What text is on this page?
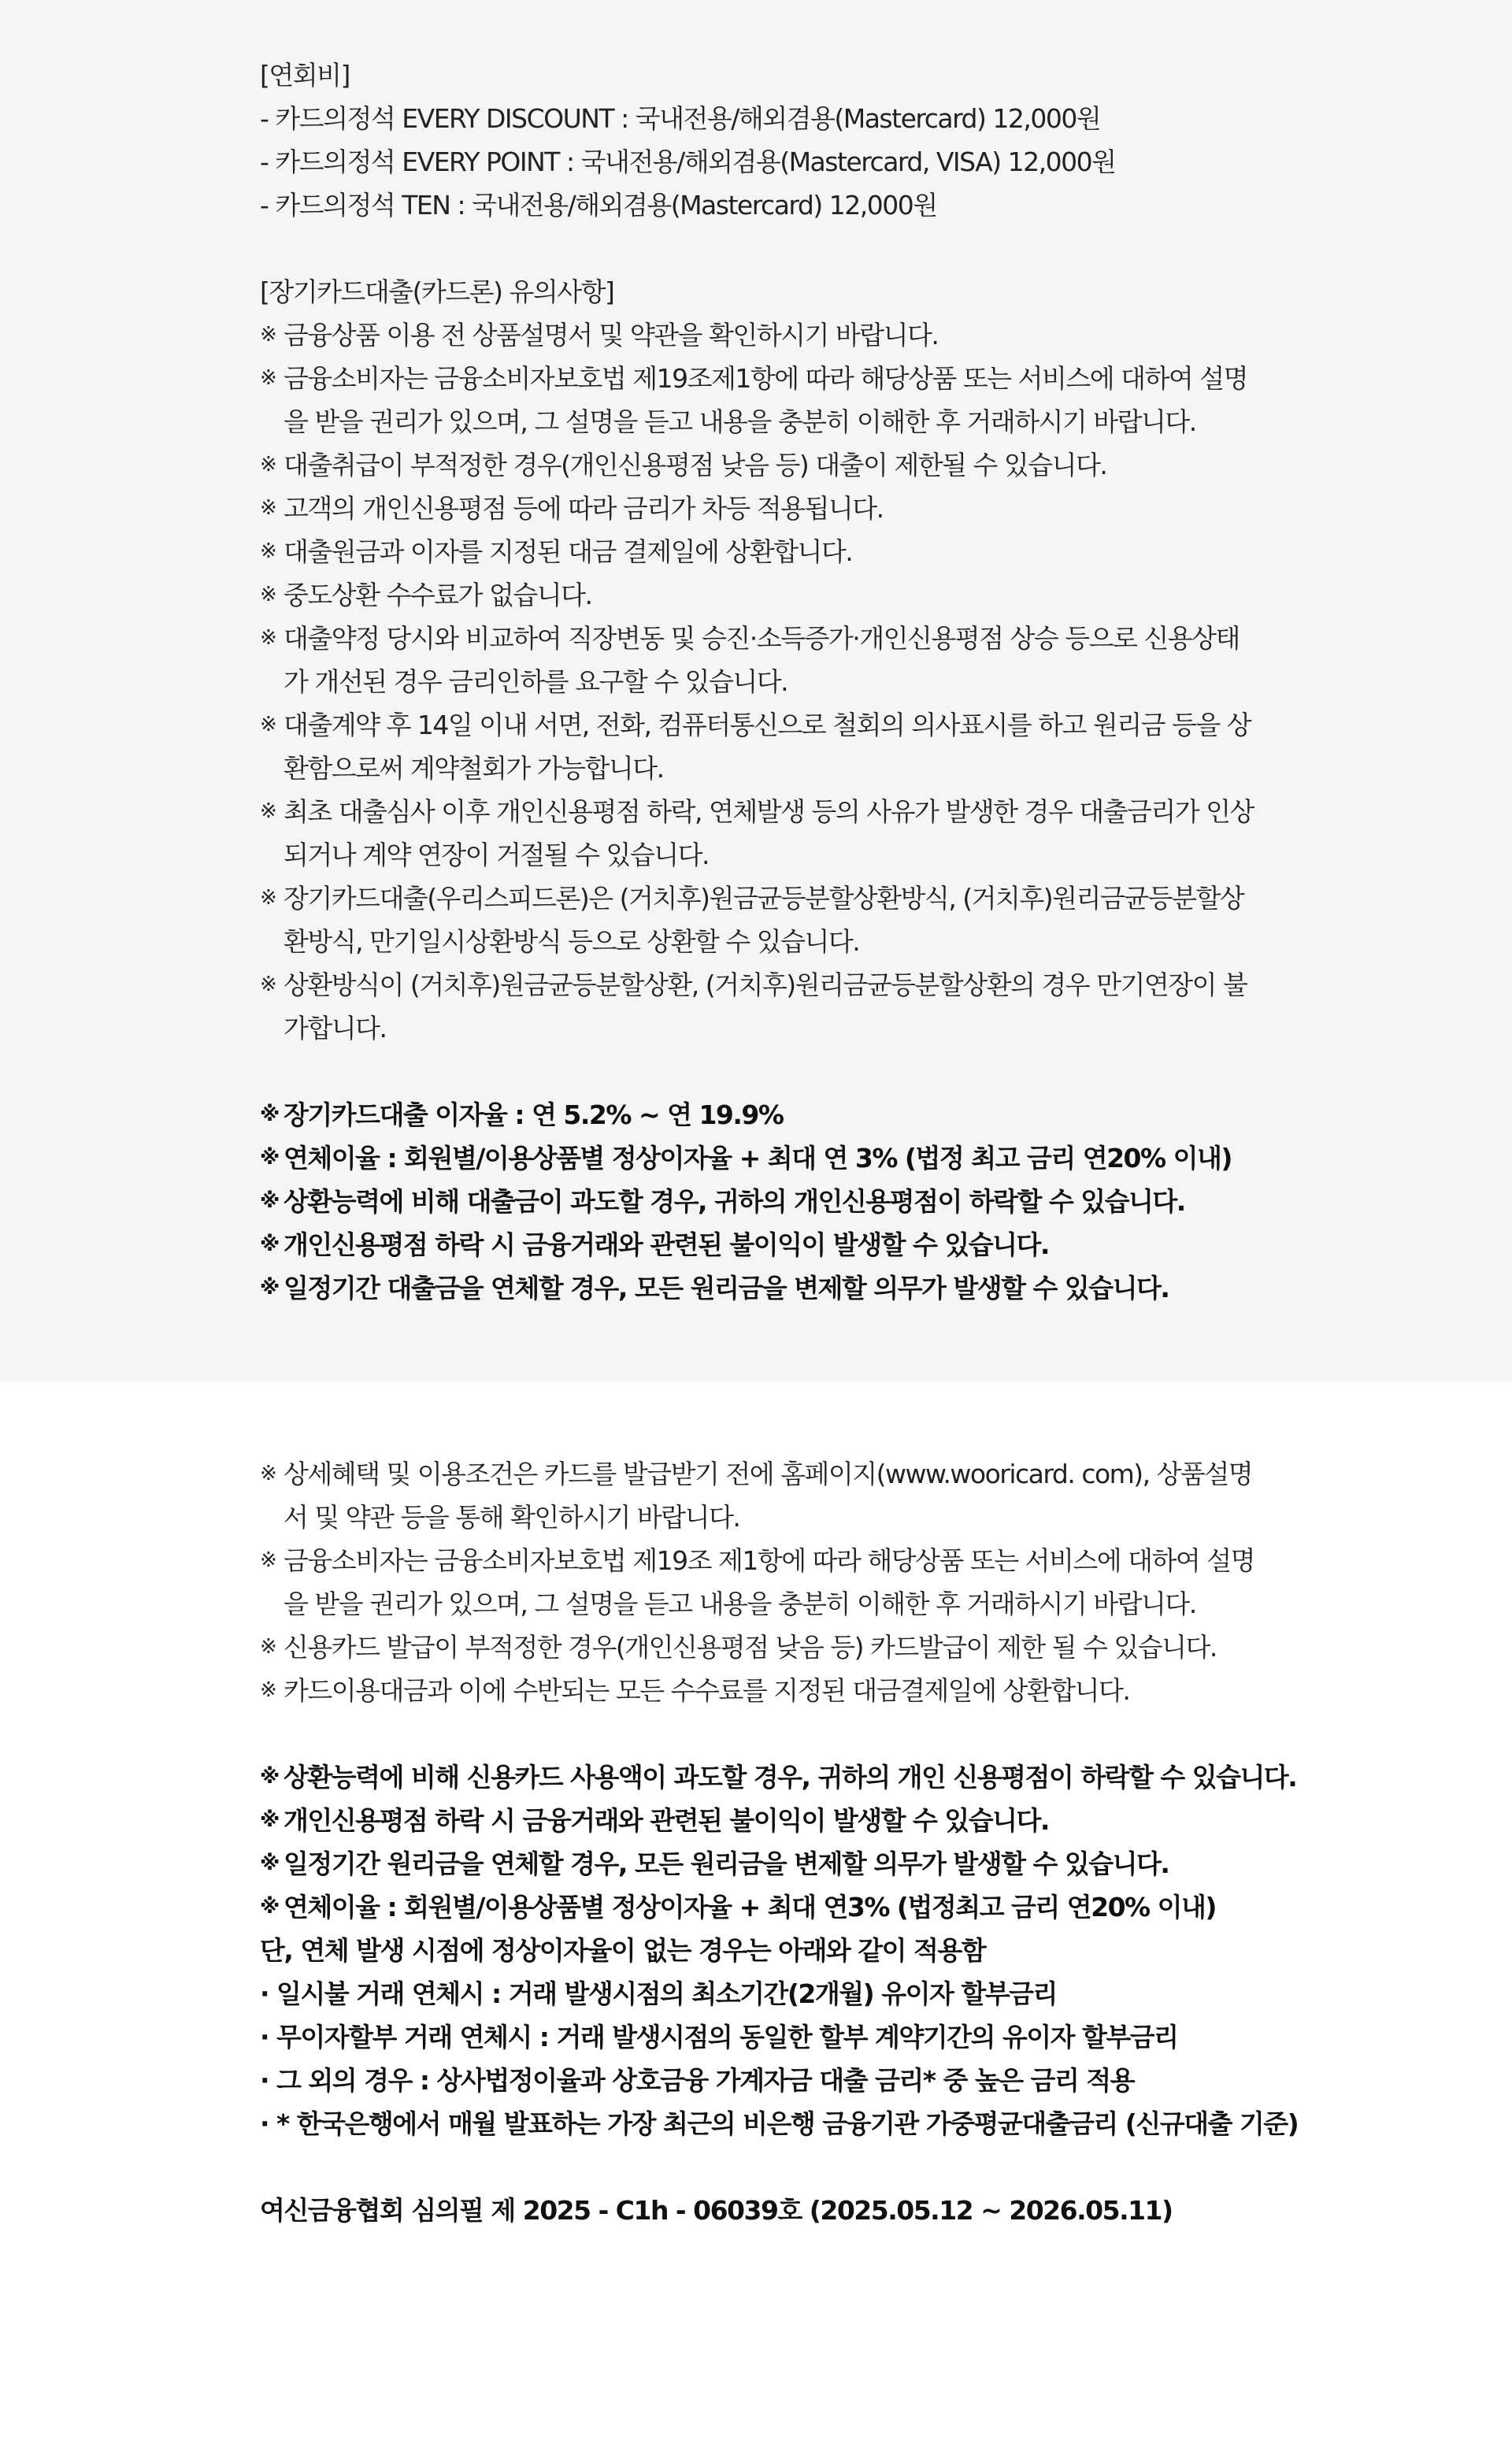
[연회비]
- 카드의정석 EVERY DISCOUNT : 국내전용/해외겸용(Mastercard) 12,000원
- 카드의정석 EVERY POINT : 국내전용/해외겸용(Mastercard, VISA) 12,000원
- 카드의정석 TEN : 국내전용/해외겸용(Mastercard) 12,000원
[장기카드대출(카드론) 유의사항]
※ 금융상품 이용 전 상품설명서 및 약관을 확인하시기 바랍니다.
※ 금융소비자는 금융소비자보호법 제19조제1항에 따라 해당상품 또는 서비스에 대하여 설명
을 받을 권리가 있으며, 그 설명을 듣고 내용을 충분히 이해한 후 거래하시기 바랍니다.
※ 대출취급이 부적정한 경우(개인신용평점 낮음 등) 대출이 제한될 수 있습니다.
※ 고객의 개인신용평점 등에 따라 금리가 차등 적용됩니다.
※ 대출원금과 이자를 지정된 대금 결제일에 상환합니다.
※ 중도상환 수수료가 없습니다.
※ 대출약정 당시와 비교하여 직장변동 및 승진·소득증가·개인신용평점 상승 등으로 신용상태
가 개선된 경우 금리인하를 요구할 수 있습니다.
※ 대출계약 후 14일 이내 서면, 전화, 컴퓨터통신으로 철회의 의사표시를 하고 원리금 등을 상
환함으로써 계약철회가 가능합니다.
※ 최초 대출심사 이후 개인신용평점 하락, 연체발생 등의 사유가 발생한 경우 대출금리가 인상
되거나 계약 연장이 거절될 수 있습니다.
※ 장기카드대출(우리스피드론)은 (거치후)원금균등분할상환방식, (거치후)원리금균등분할상
환방식, 만기일시상환방식 등으로 상환할 수 있습니다.
※ 상환방식이 (거치후)원금균등분할상환, (거치후)원리금균등분할상환의 경우 만기연장이 불
가합니다.
※ 장기카드대출 이자율 : 연 5.2% ~ 연 19.9%
※ 연체이율 : 회원별/이용상품별 정상이자율 + 최대 연 3% (법정 최고 금리 연20% 이내)
※ 상환능력에 비해 대출금이 과도할 경우, 귀하의 개인신용평점이 하락할 수 있습니다.
※ 개인신용평점 하락 시 금융거래와 관련된 불이익이 발생할 수 있습니다.
※ 일정기간 대출금을 연체할 경우, 모든 원리금을 변제할 의무가 발생할 수 있습니다.
※ 상세혜택 및 이용조건은 카드를 발급받기 전에 홈페이지(www.wooricard. com), 상품설명
서 및 약관 등을 통해 확인하시기 바랍니다.
※ 금융소비자는 금융소비자보호법 제19조 제1항에 따라 해당상품 또는 서비스에 대하여 설명
을 받을 권리가 있으며, 그 설명을 듣고 내용을 충분히 이해한 후 거래하시기 바랍니다.
※ 신용카드 발급이 부적정한 경우(개인신용평점 낮음 등) 카드발급이 제한 될 수 있습니다.
※ 카드이용대금과 이에 수반되는 모든 수수료를 지정된 대금결제일에 상환합니다.
※ 상환능력에 비해 신용카드 사용액이 과도할 경우, 귀하의 개인 신용평점이 하락할 수 있습니다.
※ 개인신용평점 하락 시 금융거래와 관련된 불이익이 발생할 수 있습니다.
※ 일정기간 원리금을 연체할 경우, 모든 원리금을 변제할 의무가 발생할 수 있습니다.
※ 연체이율 : 회원별/이용상품별 정상이자율 + 최대 연3% (법정최고 금리 연20% 이내)
단, 연체 발생 시점에 정상이자율이 없는 경우는 아래와 같이 적용함
· 일시불 거래 연체시 : 거래 발생시점의 최소기간(2개월) 유이자 할부금리
· 무이자할부 거래 연체시 : 거래 발생시점의 동일한 할부 계약기간의 유이자 할부금리
· 그 외의 경우 : 상사법정이율과 상호금융 가계자금 대출 금리* 중 높은 금리 적용
· * 한국은행에서 매월 발표하는 가장 최근의 비은행 금융기관 가중평균대출금리 (신규대출 기준)
여신금융협회 심의필 제 2025 - C1h - 06039호 (2025.05.12 ~ 2026.05.11)
